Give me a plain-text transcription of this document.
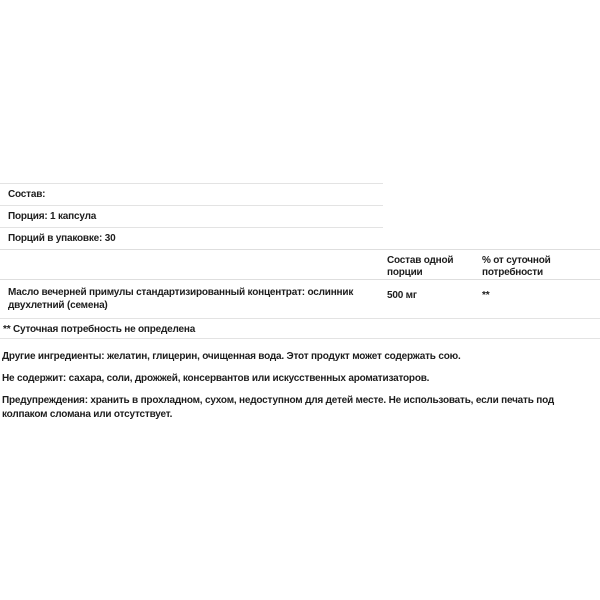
Состав:
Порция: 1 капсула
Порций в упаковке: 30
Состав одной порции
% от суточной потребности
Масло вечерней примулы стандартизированный концентрат: ослинник двухлетний (семена)
500 мг	**
** Суточная потребность не определена

Другие ингредиенты: желатин, глицерин, очищенная вода. Этот продукт может содержать сою.

Не содержит: сахара, соли, дрожжей, консервантов или искусственных ароматизаторов.

Предупреждения: хранить в прохладном, сухом, недоступном для детей месте. Не использовать, если печать под колпаком сломана или отсутствует.
